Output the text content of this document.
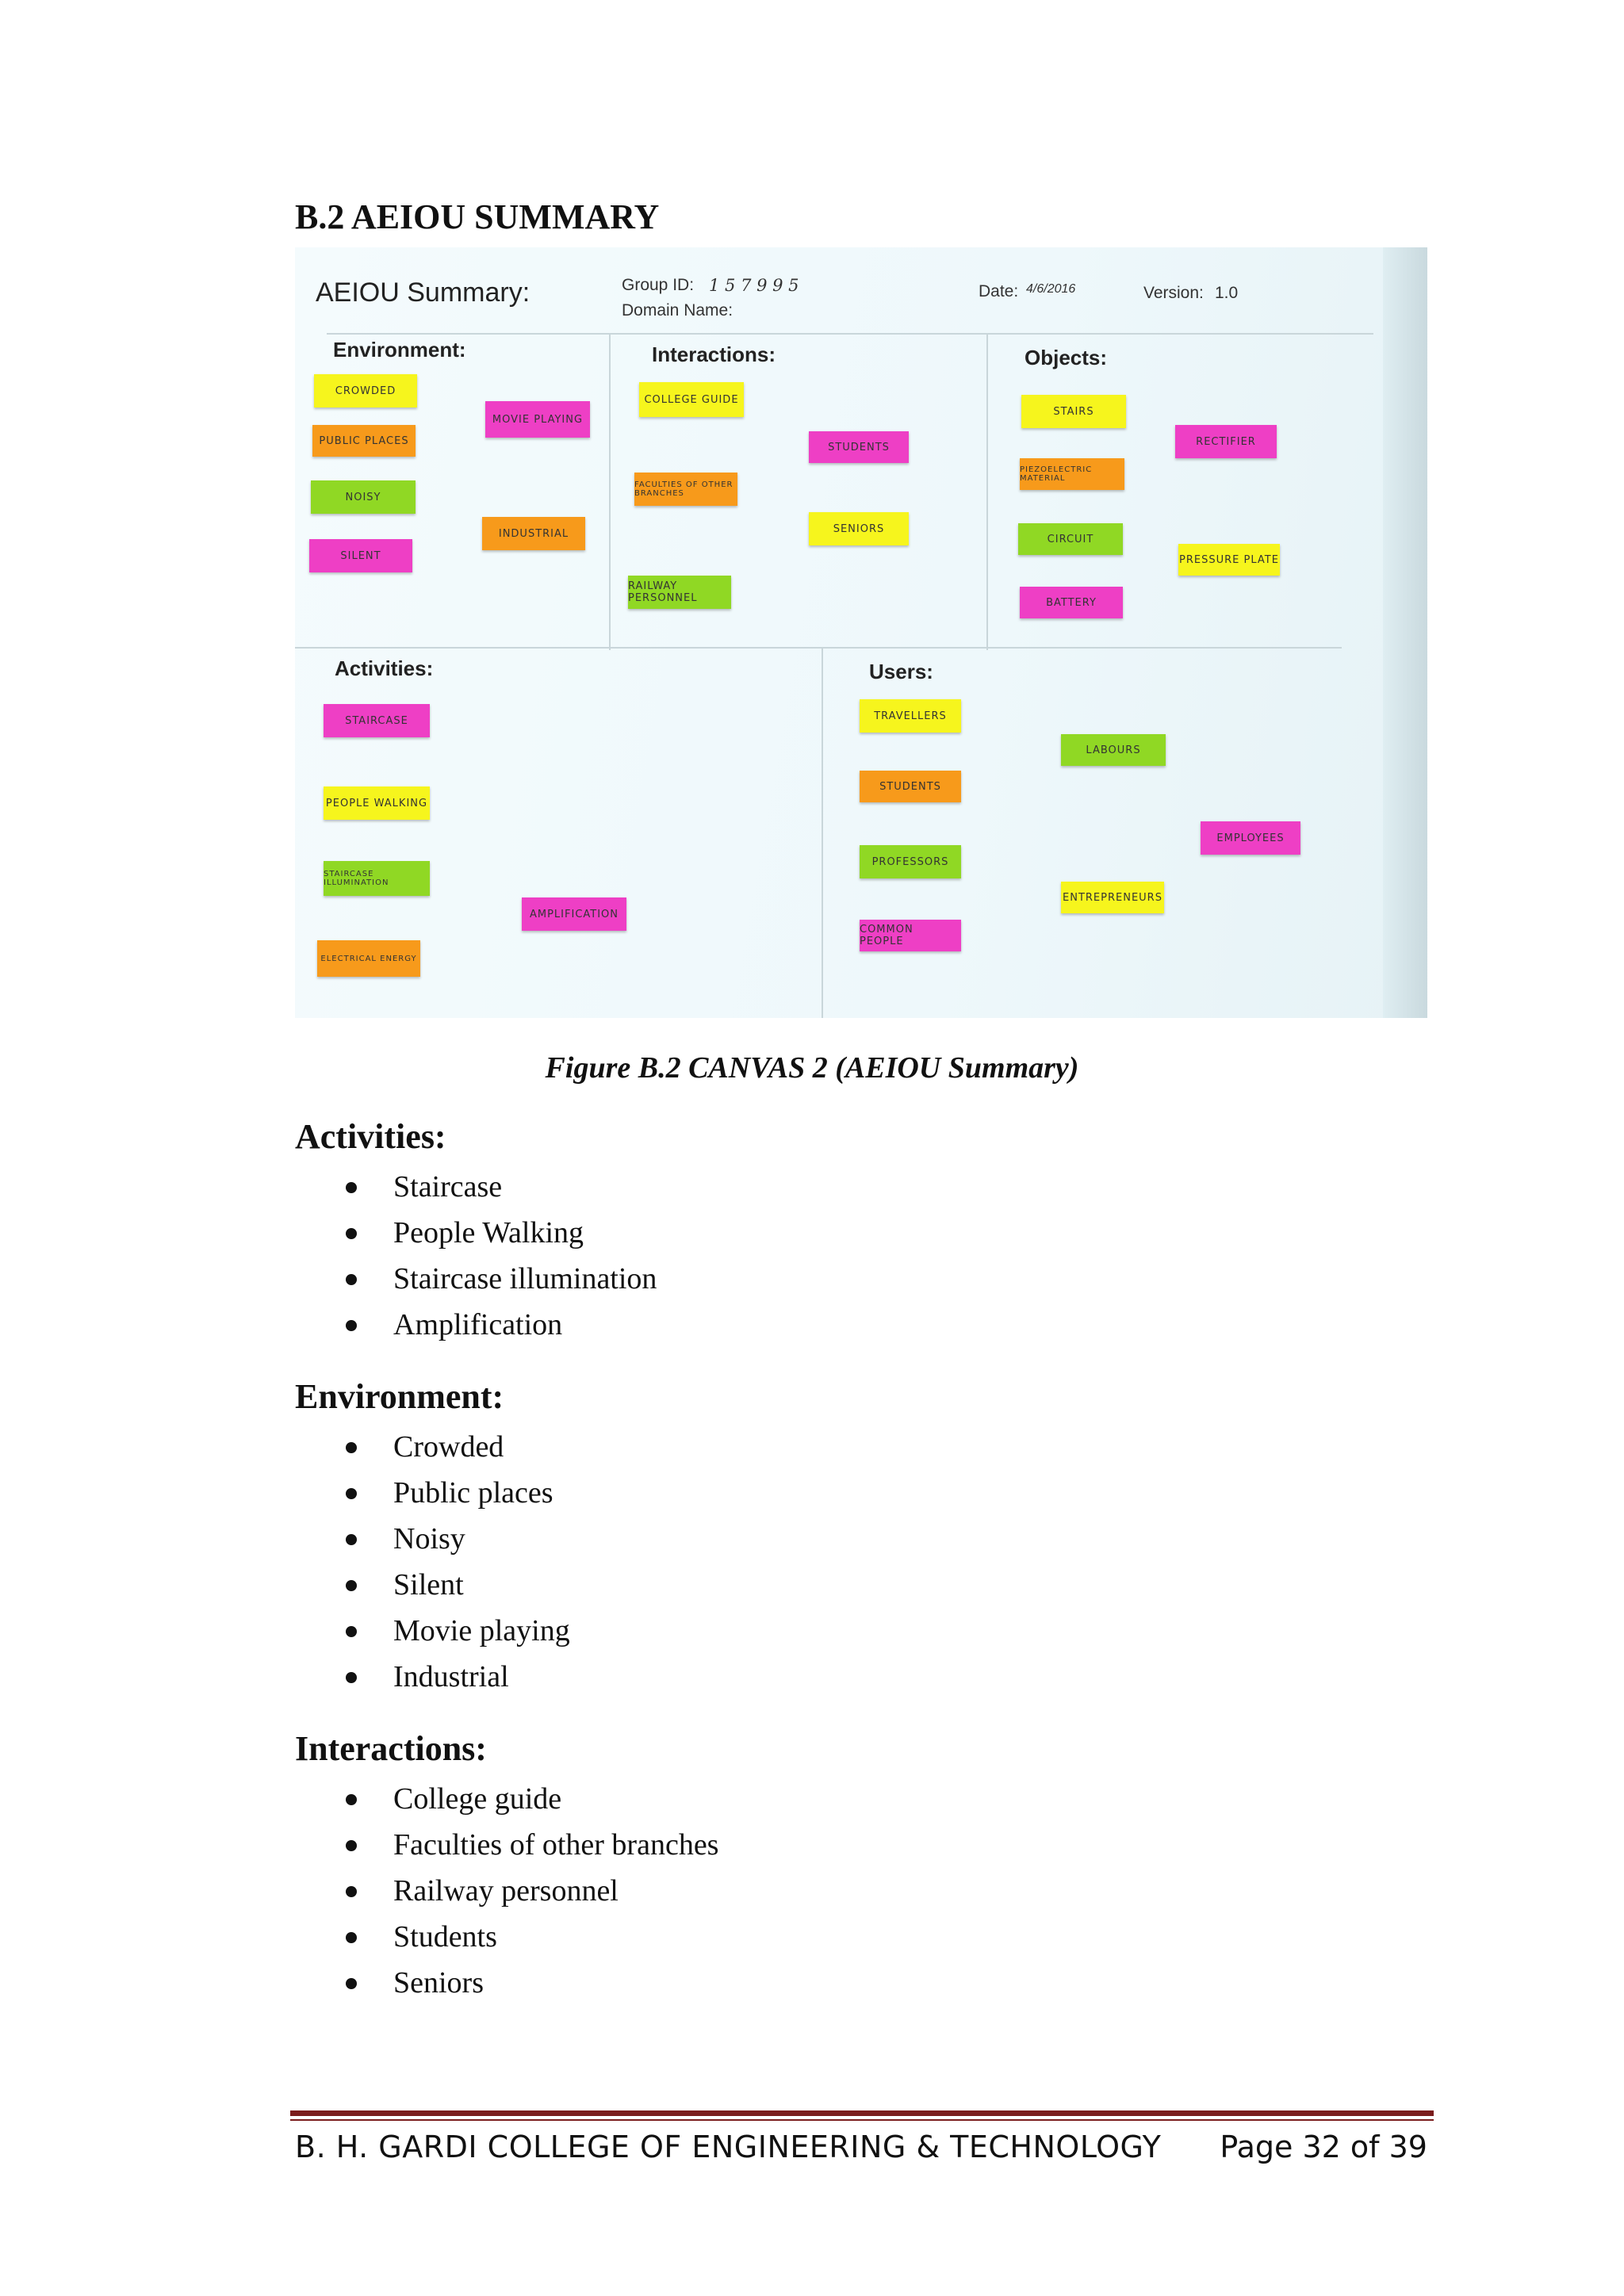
B.2 AEIOU SUMMARY
AEIOU Summary:	Group ID: 1 5 7 9 9 5
Domain Name:
Date: 4/6/2016	Version: 1.0
Environment:	Interactions:	Objects:
Activities:	Users:
CROWDED
PUBLIC PLACES
NOISY
SILENT
MOVIE PLAYING
INDUSTRIAL
COLLEGE GUIDE
FACULTIES OF OTHER BRANCHES
RAILWAY PERSONNEL
STUDENTS
SENIORS
STAIRS
PIEZOELECTRIC MATERIAL
CIRCUIT
BATTERY
RECTIFIER
PRESSURE PLATE
STAIRCASE
PEOPLE WALKING
STAIRCASE ILLUMINATION
AMPLIFICATION
ELECTRICAL ENERGY
TRAVELLERS
STUDENTS
PROFESSORS
COMMON PEOPLE
LABOURS
EMPLOYEES
ENTREPRENEURS
Figure B.2 CANVAS 2 (AEIOU Summary)
Activities:
Staircase
People Walking
Staircase illumination
Amplification
Environment:
Crowded
Public places
Noisy
Silent
Movie playing
Industrial
Interactions:
College guide
Faculties of other branches
Railway personnel
Students
Seniors
B. H. GARDI COLLEGE OF ENGINEERING & TECHNOLOGY Page 32 of 39
